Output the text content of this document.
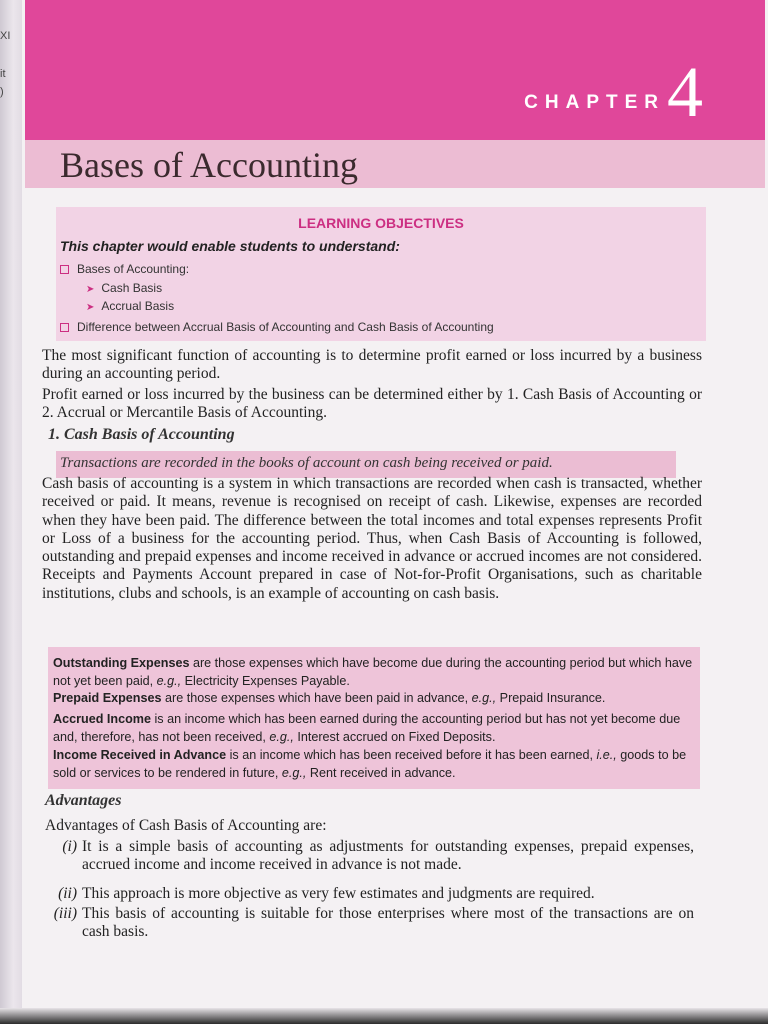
XI
it
)	CHAPTER 4
Bases of Accounting
LEARNING OBJECTIVES
This chapter would enable students to understand:
Bases of Accounting:
➤ Cash Basis
➤ Accrual Basis
Difference between Accrual Basis of Accounting and Cash Basis of Accounting

The most significant function of accounting is to determine profit earned or loss incurred by a business during an accounting period.

Profit earned or loss incurred by the business can be determined either by 1. Cash Basis of Accounting or 2. Accrual or Mercantile Basis of Accounting.

1. Cash Basis of Accounting
Transactions are recorded in the books of account on cash being received or paid.

Cash basis of accounting is a system in which transactions are recorded when cash is transacted, whether received or paid. It means, revenue is recognised on receipt of cash. Likewise, expenses are recorded when they have been paid. The difference between the total incomes and total expenses represents Profit or Loss of a business for the accounting period. Thus, when Cash Basis of Accounting is followed, outstanding and prepaid expenses and income received in advance or accrued incomes are not considered. Receipts and Payments Account prepared in case of Not-for-Profit Organisations, such as charitable institutions, clubs and schools, is an example of accounting on cash basis.

Outstanding Expenses are those expenses which have become due during the accounting period but which have not yet been paid, e.g., Electricity Expenses Payable.

Prepaid Expenses are those expenses which have been paid in advance, e.g., Prepaid Insurance.

Accrued Income is an income which has been earned during the accounting period but has not yet become due and, therefore, has not been received, e.g., Interest accrued on Fixed Deposits.

Income Received in Advance is an income which has been received before it has been earned, i.e., goods to be sold or services to be rendered in future, e.g., Rent received in advance.

Advantages
Advantages of Cash Basis of Accounting are:
(i) It is a simple basis of accounting as adjustments for outstanding expenses, prepaid expenses, accrued income and income received in advance is not made.
(ii) This approach is more objective as very few estimates and judgments are required.
(iii) This basis of accounting is suitable for those enterprises where most of the transactions are on cash basis.
